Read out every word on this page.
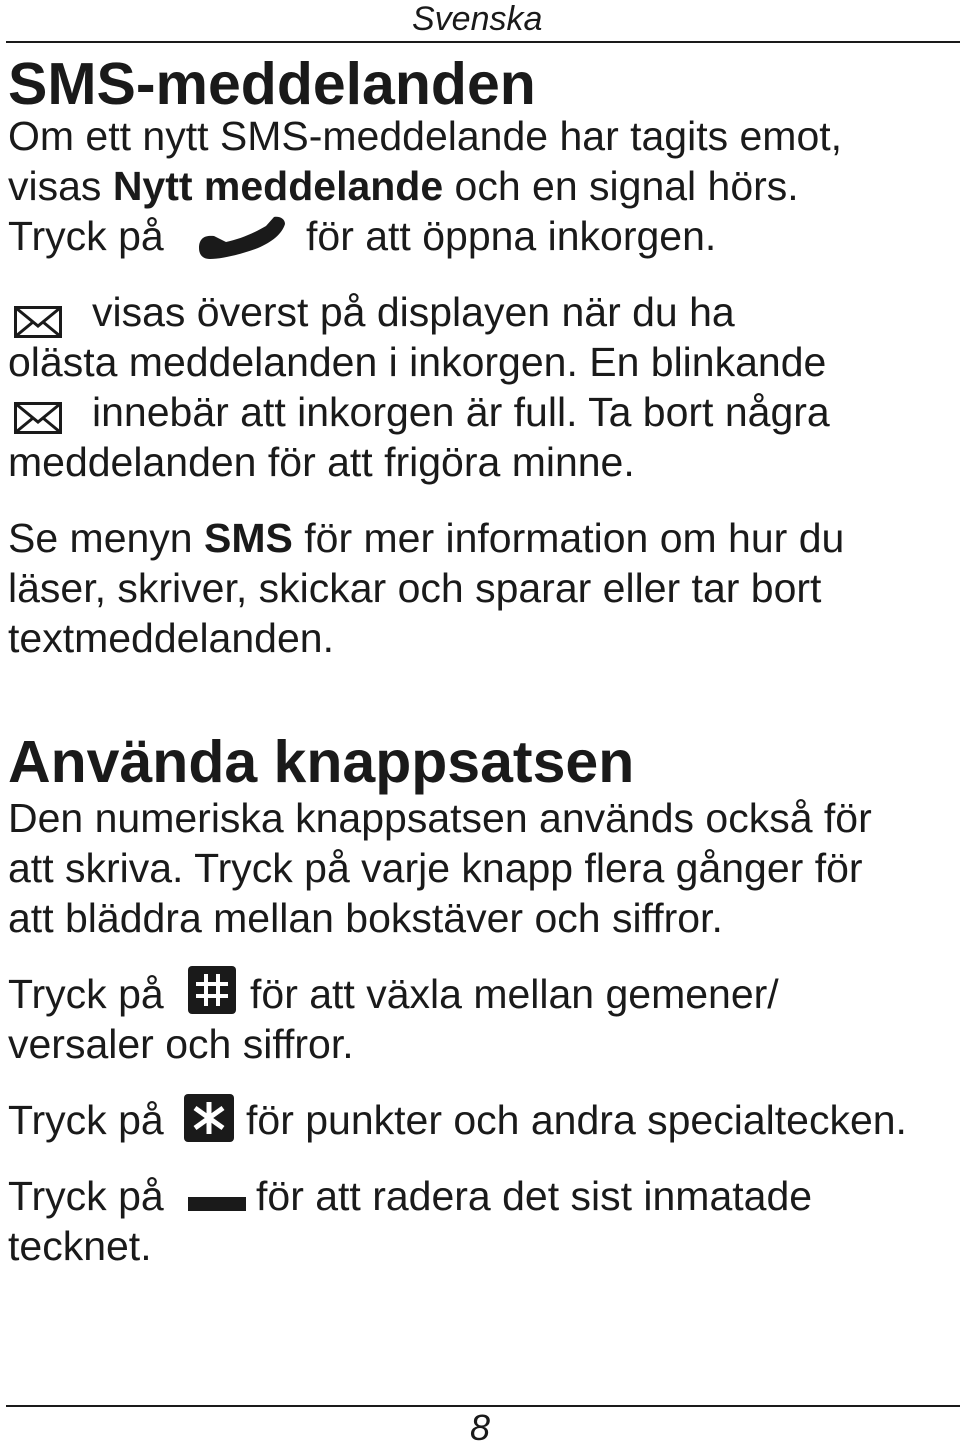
Svenska
SMS-meddelanden
Om ett nytt SMS-meddelande har tagits emot,
visas Nytt meddelande och en signal hörs.
Tryck på	för att öppna inkorgen.
visas överst på displayen när du ha
olästa meddelanden i inkorgen. En blinkande
innebär att inkorgen är full. Ta bort några
meddelanden för att frigöra minne.
Se menyn SMS för mer information om hur du
läser, skriver, skickar och sparar eller tar bort
textmeddelanden.
Använda knappsatsen
Den numeriska knappsatsen används också för
att skriva. Tryck på varje knapp flera gånger för
att bläddra mellan bokstäver och siffror.
Tryck på för att växla mellan gemener/
versaler och siffror.
Tryck på för punkter och andra specialtecken.
Tryck på för att radera det sist inmatade
tecknet.
8
